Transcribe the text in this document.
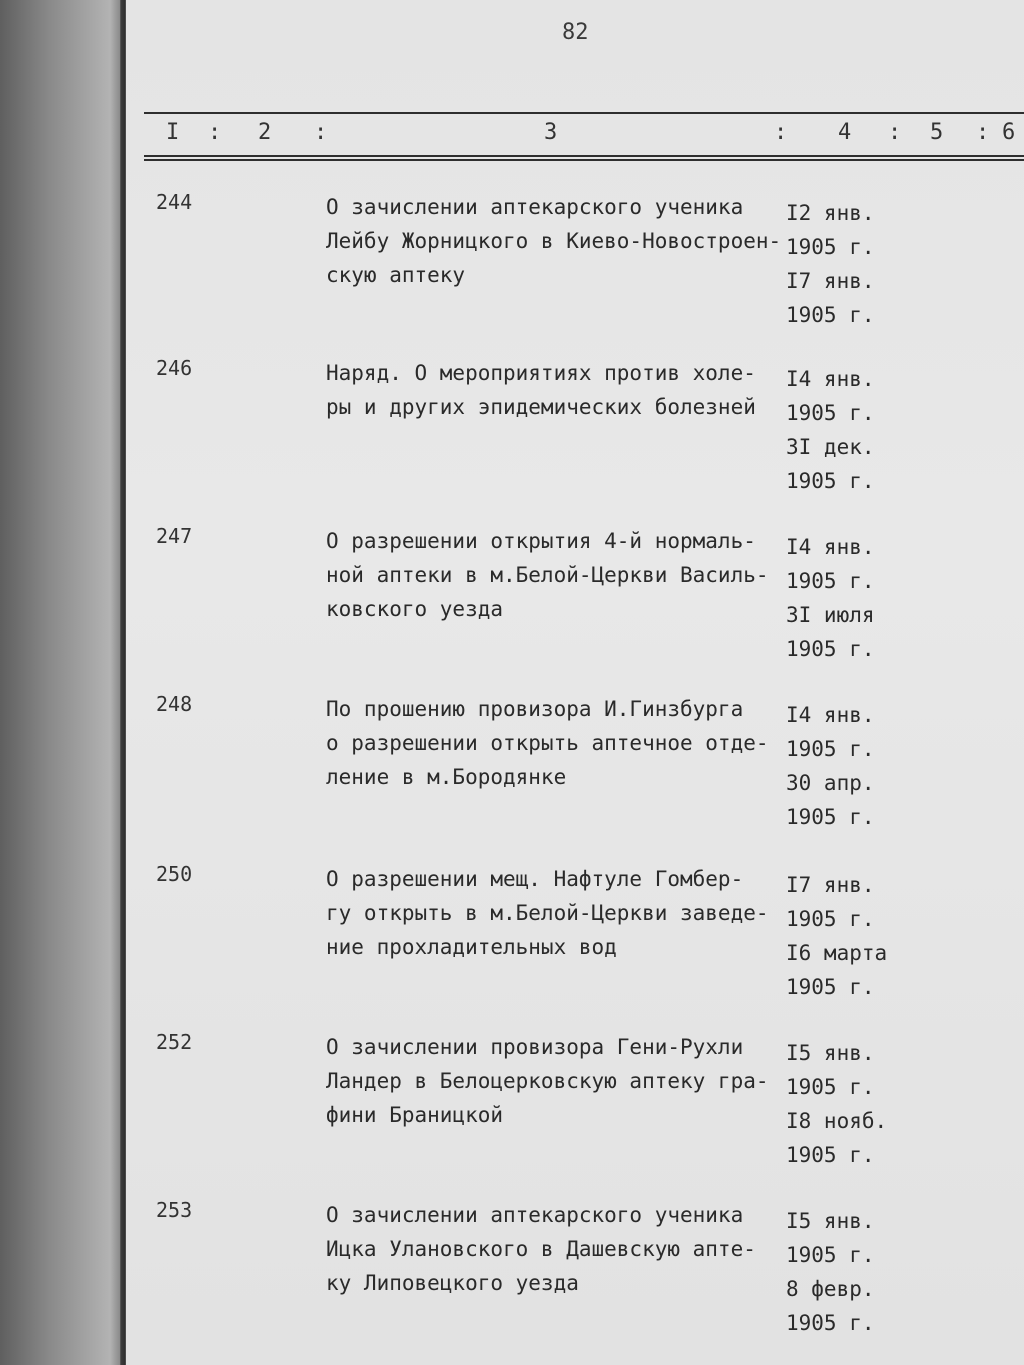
82
I : 2 :	3	: 4 : 5 : 6
244	О зачислении аптекарского ученика
Лейбу Жорницкого в Киево-Новостроен-
скую аптеку
I2 янв.
1905 г.
I7 янв.
1905 г.
246	Наряд. О мероприятиях против холе-
ры и других эпидемических болезней
I4 янв.
1905 г.
3I дек.
1905 г.
247	О разрешении открытия 4-й нормаль-
ной аптеки в м.Белой-Церкви Василь-
ковского уезда
I4 янв.
1905 г.
3I июля
1905 г.
248	По прошению провизора И.Гинзбурга
о разрешении открыть аптечное отде-
ление в м.Бородянке
I4 янв.
1905 г.
30 апр.
1905 г.
250	О разрешении мещ. Нафтуле Гомбер-
гу открыть в м.Белой-Церкви заведе-
ние прохладительных вод
I7 янв.
1905 г.
I6 марта
1905 г.
252	О зачислении провизора Гени-Рухли
Ландер в Белоцерковскую аптеку гра-
фини Браницкой
I5 янв.
1905 г.
I8 нояб.
1905 г.
253	О зачислении аптекарского ученика
Ицка Улановского в Дашевскую апте-
ку Липовецкого уезда
I5 янв.
1905 г.
8 февр.
1905 г.
